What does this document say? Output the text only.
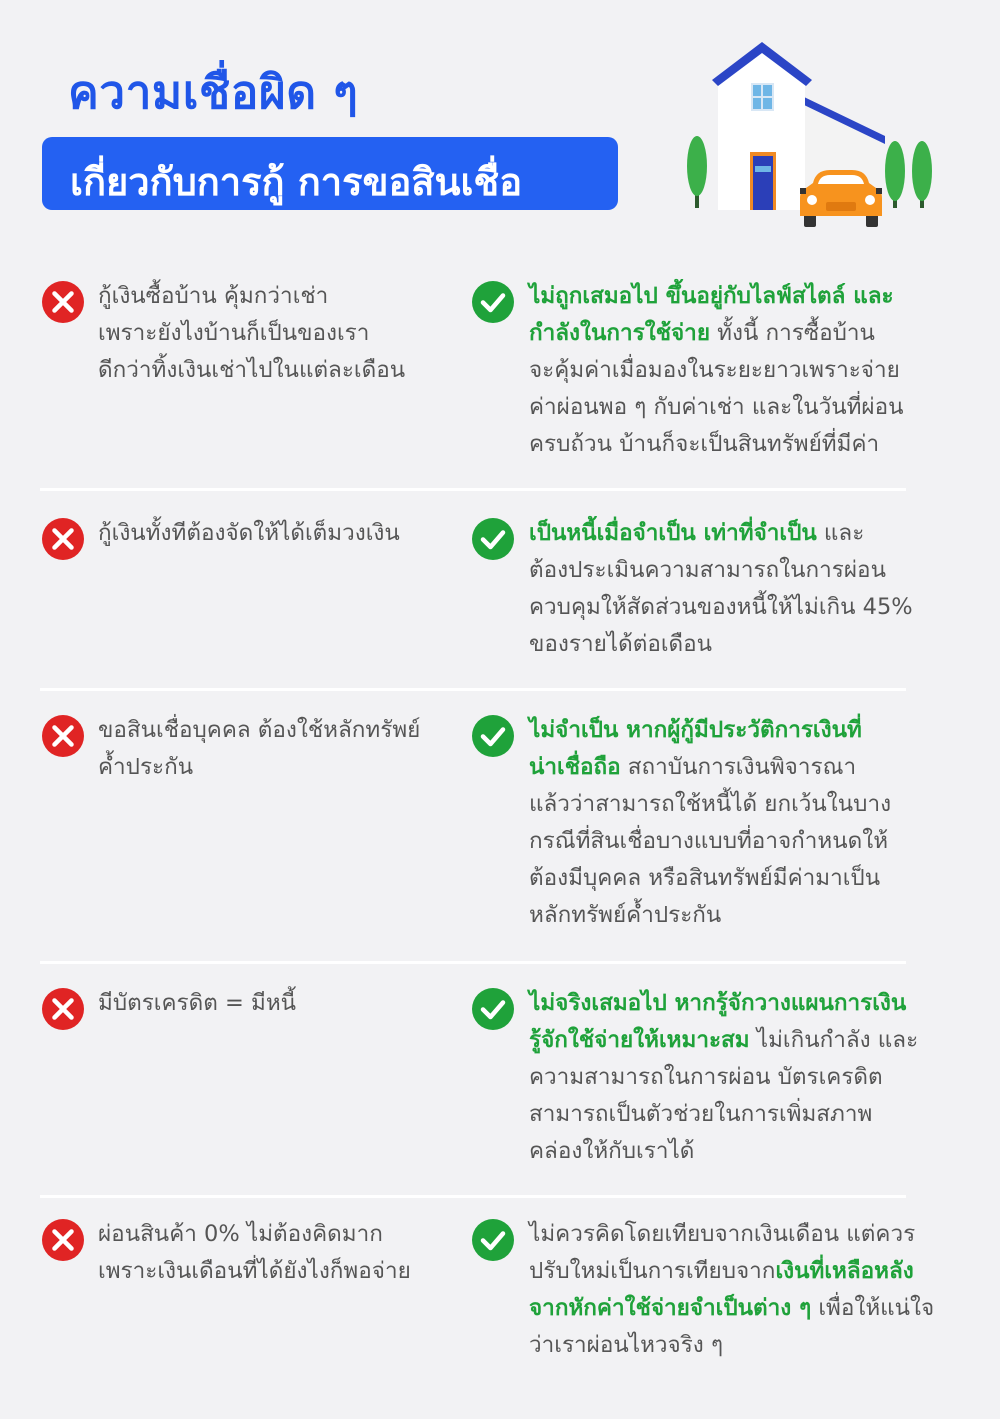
ความเชื่อผิด ๆ
เกี่ยวกับการกู้ การขอสินเชื่อ
กู้เงินซื้อบ้าน คุ้มกว่าเช่า
เพราะยังไงบ้านก็เป็นของเรา
ดีกว่าทิ้งเงินเช่าไปในแต่ละเดือน
ไม่ถูกเสมอไป ขึ้นอยู่กับไลฟ์สไตล์ และ
กำลังในการใช้จ่าย ทั้งนี้ การซื้อบ้าน
จะคุ้มค่าเมื่อมองในระยะยาวเพราะจ่าย
ค่าผ่อนพอ ๆ กับค่าเช่า และในวันที่ผ่อน
ครบถ้วน บ้านก็จะเป็นสินทรัพย์ที่มีค่า
กู้เงินทั้งทีต้องจัดให้ได้เต็มวงเงิน	เป็นหนี้เมื่อจำเป็น เท่าที่จำเป็น และ
ต้องประเมินความสามารถในการผ่อน
ควบคุมให้สัดส่วนของหนี้ให้ไม่เกิน 45%
ของรายได้ต่อเดือน
ขอสินเชื่อบุคคล ต้องใช้หลักทรัพย์
ค้ำประกัน
ไม่จำเป็น หากผู้กู้มีประวัติการเงินที่
น่าเชื่อถือ สถาบันการเงินพิจารณา
แล้วว่าสามารถใช้หนี้ได้ ยกเว้นในบาง
กรณีที่สินเชื่อบางแบบที่อาจกำหนดให้
ต้องมีบุคคล หรือสินทรัพย์มีค่ามาเป็น
หลักทรัพย์ค้ำประกัน
มีบัตรเครดิต = มีหนี้	ไม่จริงเสมอไป หากรู้จักวางแผนการเงิน
รู้จักใช้จ่ายให้เหมาะสม ไม่เกินกำลัง และ
ความสามารถในการผ่อน บัตรเครดิต
สามารถเป็นตัวช่วยในการเพิ่มสภาพ
คล่องให้กับเราได้
ผ่อนสินค้า 0% ไม่ต้องคิดมาก
เพราะเงินเดือนที่ได้ยังไงก็พอจ่าย
ไม่ควรคิดโดยเทียบจากเงินเดือน แต่ควร
ปรับใหม่เป็นการเทียบจากเงินที่เหลือหลัง
จากหักค่าใช้จ่ายจำเป็นต่าง ๆ เพื่อให้แน่ใจ
ว่าเราผ่อนไหวจริง ๆ
